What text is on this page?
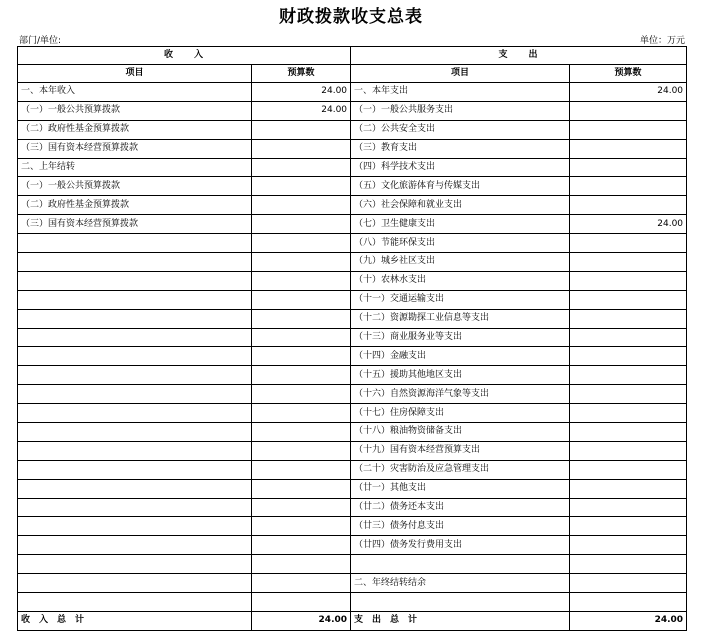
财政拨款收支总表
部门/单位:	单位：万元
收　　入		支　　出	
项目	预算数	项目	预算数
一、本年收入	24.00	一、本年支出	24.00
（一）一般公共预算拨款	24.00	（一）一般公共服务支出	
（二）政府性基金预算拨款		（二）公共安全支出	
（三）国有资本经营预算拨款		（三）教育支出	
二、上年结转		（四）科学技术支出	
（一）一般公共预算拨款		（五）文化旅游体育与传媒支出	
（二）政府性基金预算拨款		（六）社会保障和就业支出	
（三）国有资本经营预算拨款		（七）卫生健康支出	24.00
		（八）节能环保支出	
		（九）城乡社区支出	
		（十）农林水支出	
		（十一）交通运输支出	
		（十二）资源勘探工业信息等支出	
		（十三）商业服务业等支出	
		（十四）金融支出	
		（十五）援助其他地区支出	
		（十六）自然资源海洋气象等支出	
		（十七）住房保障支出	
		（十八）粮油物资储备支出	
		（十九）国有资本经营预算支出	
		（二十）灾害防治及应急管理支出	
		（廿一）其他支出	
		（廿二）债务还本支出	
		（廿三）债务付息支出	
		（廿四）债务发行费用支出	

		二、年终结转结余	

收　入　总　计	24.00	支　出　总　计	24.00
